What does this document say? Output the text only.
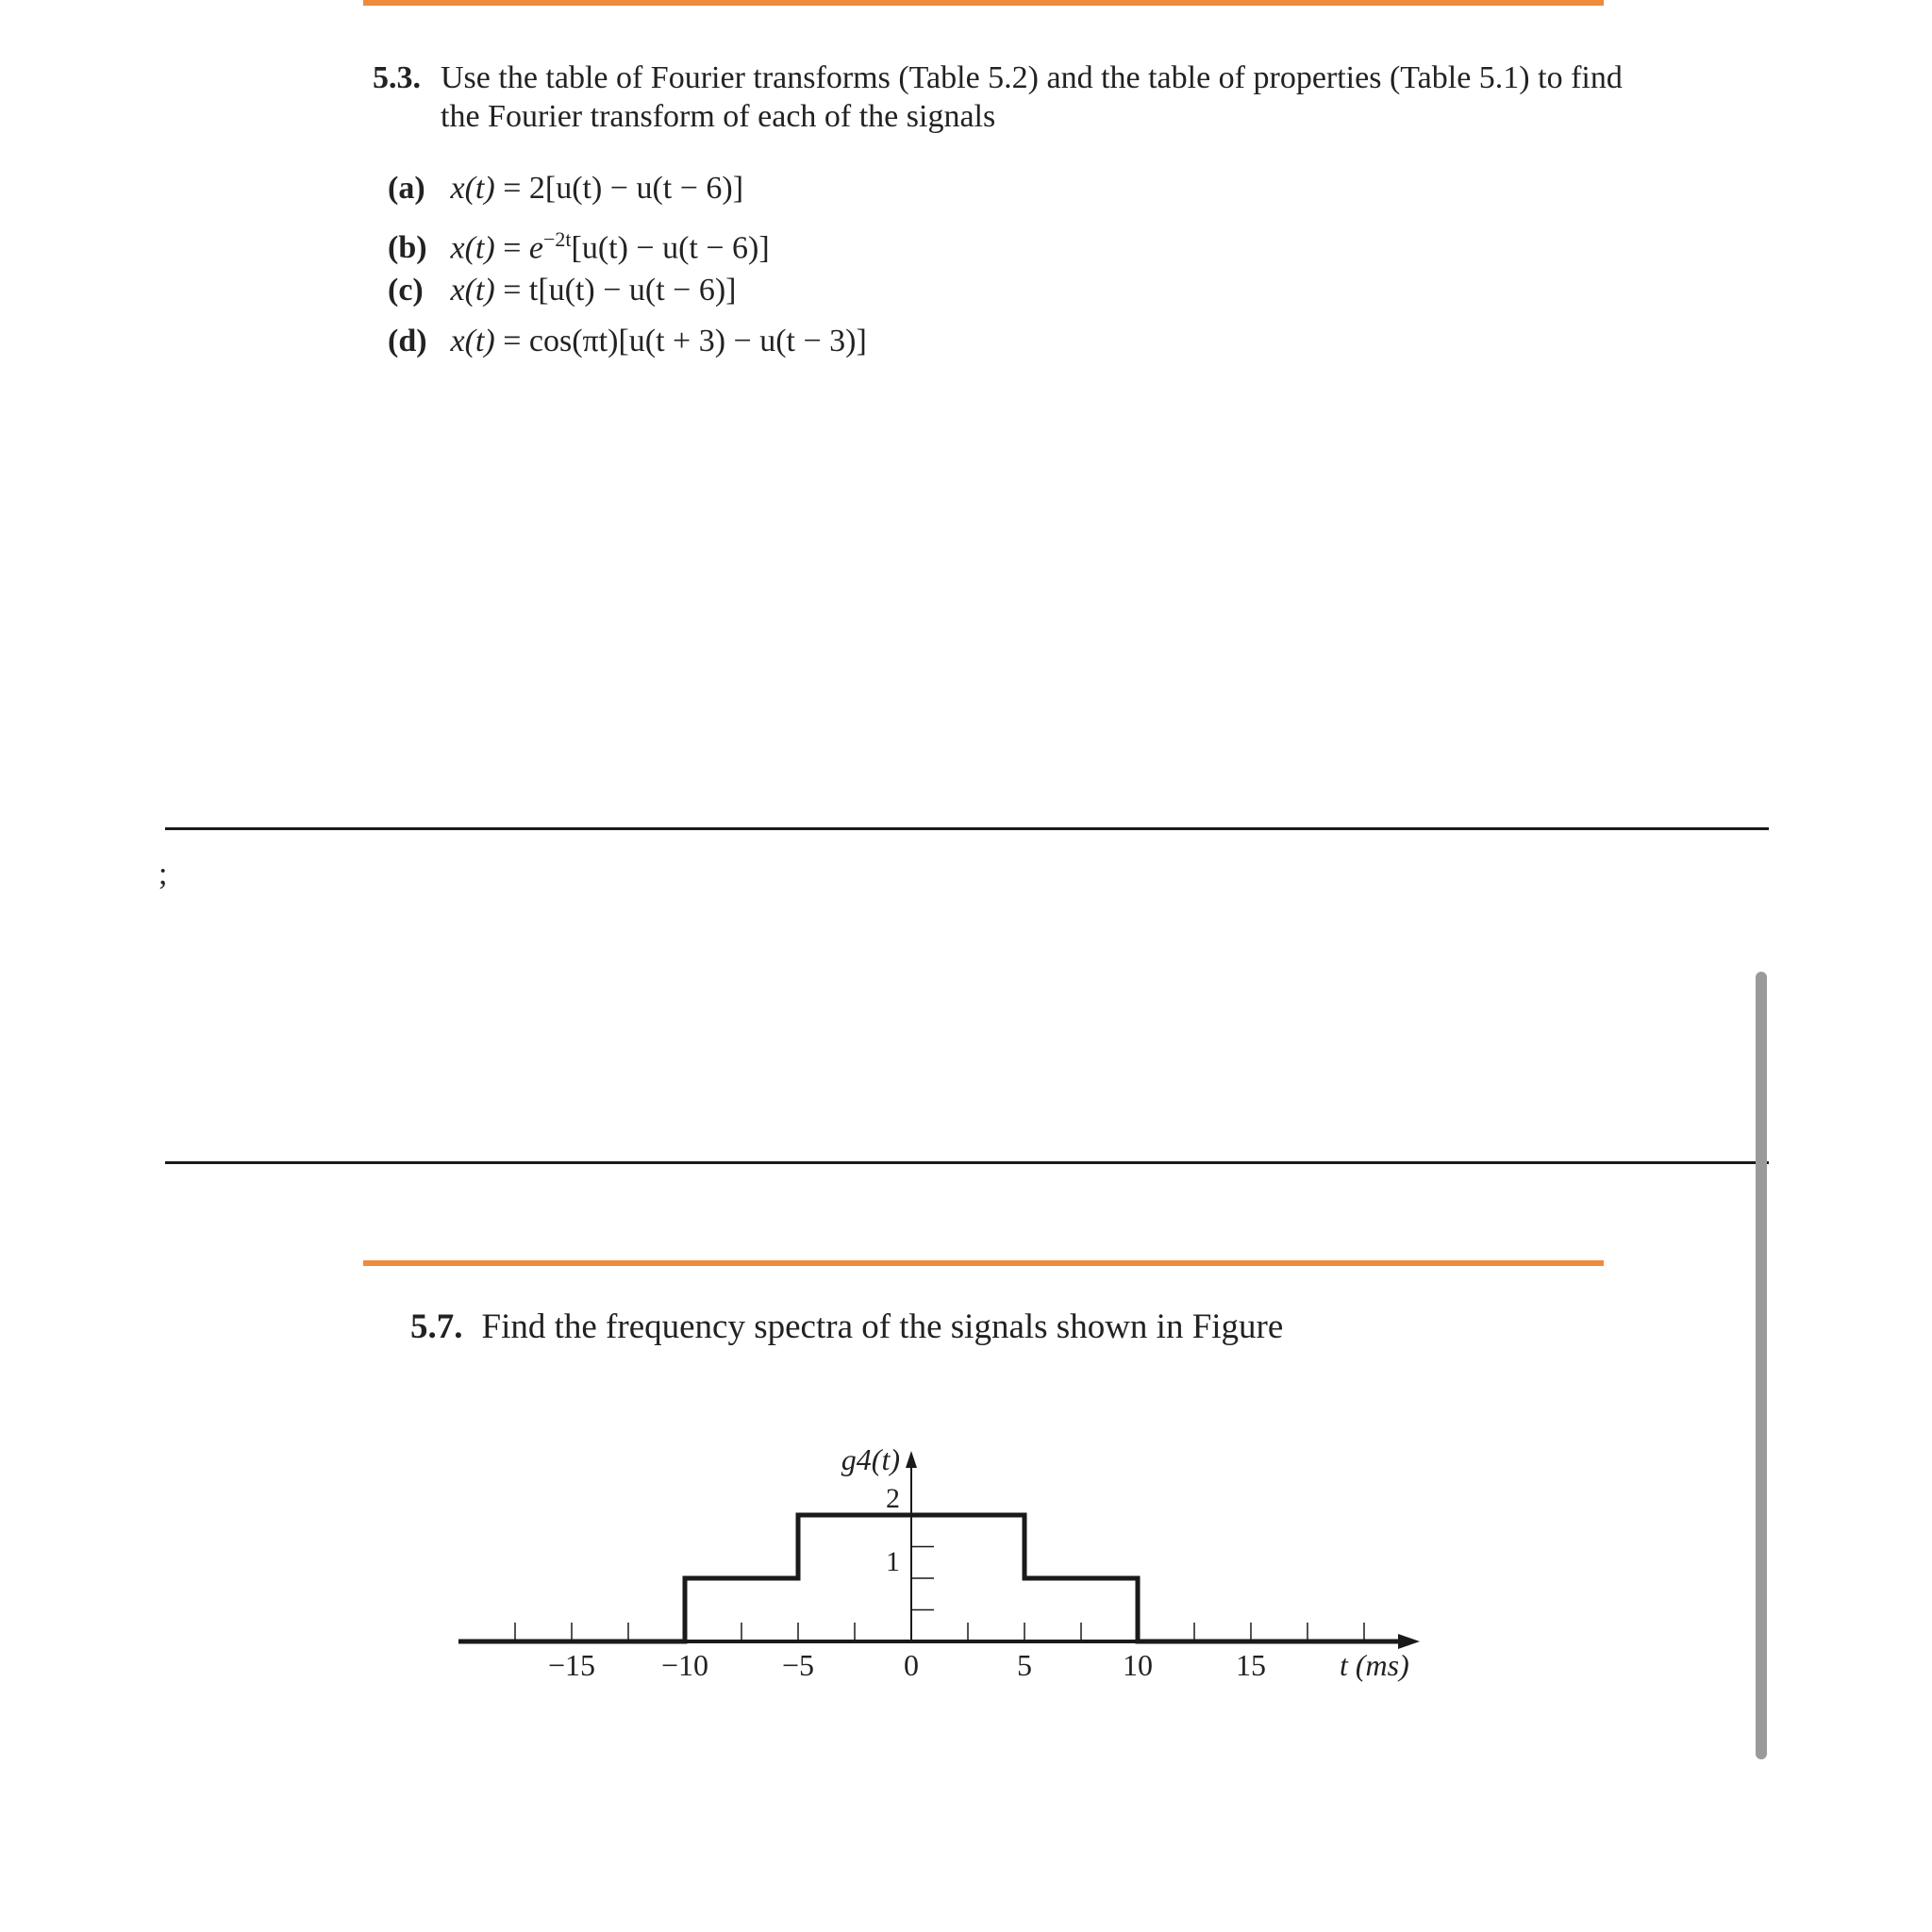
5.3. Use the table of Fourier transforms (Table 5.2) and the table of properties (Table 5.1) to find the Fourier transform of each of the signals
(a) x(t) = 2[u(t) − u(t − 6)]
(b) $x(t) = e^{-2t}[u(t) - u(t - 6)]$
(c) x(t) = t[u(t) − u(t − 6)]
(d) x(t) = cos(πt)[u(t + 3) − u(t − 3)]
;
5.7. Find the frequency spectra of the signals shown in Figure
−15 −10 −5	0	5	10	15
1
2
g4(t)
t (ms)
